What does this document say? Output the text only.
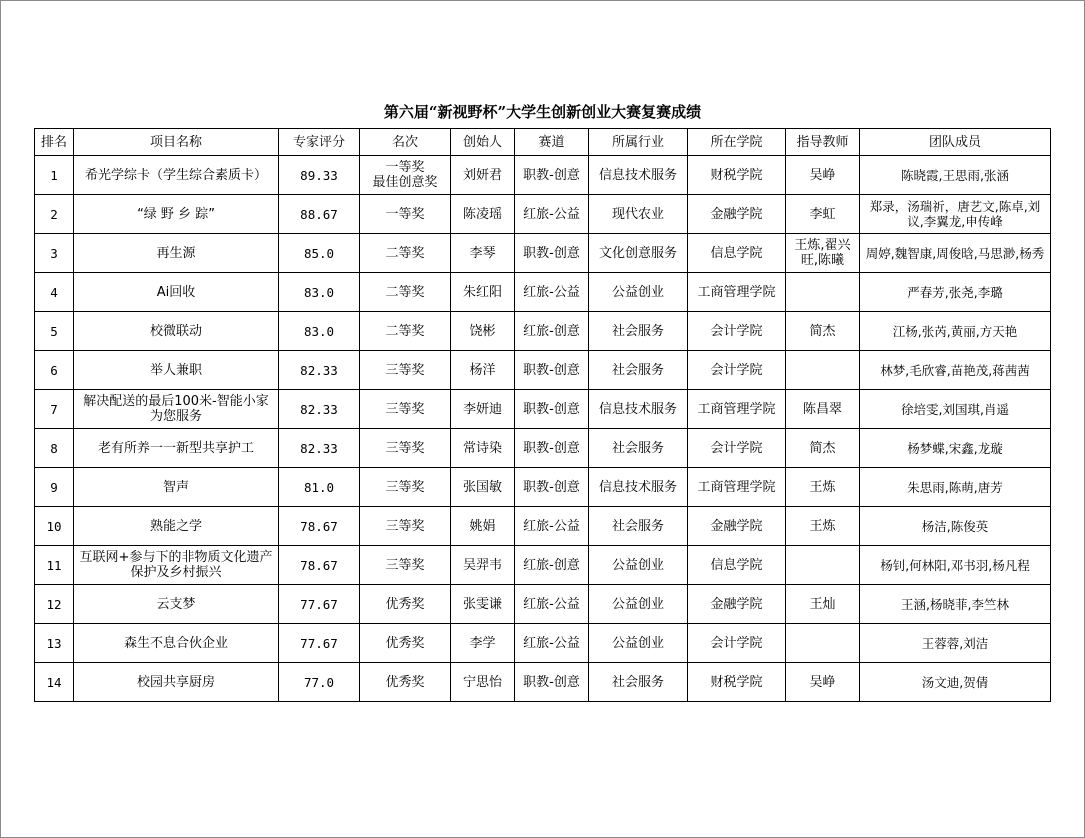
第六届“新视野杯”大学生创新创业大赛复赛成绩
排名	项目名称	专家评分	名次	创始人	赛道	所属行业	所在学院	指导教师	团队成员
1	希光学综卡（学生综合素质卡）	89.33	一等奖
最佳创意奖	刘妍君	职教-创意	信息技术服务	财税学院	吴峥	陈晓霞,王思雨,张涵
2	“绿 野 乡 踪”	88.67	一等奖	陈凌瑶	红旅-公益	现代农业	金融学院	李虹	郑录，汤瑞祈，唐艺文,陈卓,刘议,李翼龙,申传峰
3	再生源	85.0	二等奖	李琴	职教-创意	文化创意服务	信息学院	王炼,翟兴旺,陈曦	周婷,魏智康,周俊晗,马思渺,杨秀
4	Ai回收	83.0	二等奖	朱红阳	红旅-公益	公益创业	工商管理学院		严春芳,张尧,李璐
5	校微联动	83.0	二等奖	饶彬	红旅-创意	社会服务	会计学院	简杰	江杨,张芮,黄丽,方天艳
6	举人兼职	82.33	三等奖	杨洋	职教-创意	社会服务	会计学院		林梦,毛欣睿,苗艳茂,蒋茜茜
7	解决配送的最后100米-智能小家
为您服务	82.33	三等奖	李妍迪	职教-创意	信息技术服务	工商管理学院	陈昌翠	徐培雯,刘国琪,肖遥
8	老有所养一一新型共享护工	82.33	三等奖	常诗染	职教-创意	社会服务	会计学院	简杰	杨梦蝶,宋鑫,龙璇
9	智声	81.0	三等奖	张国敏	职教-创意	信息技术服务	工商管理学院	王炼	朱思雨,陈萌,唐芳
10	熟能之学	78.67	三等奖	姚娟	红旅-公益	社会服务	金融学院	王炼	杨洁,陈俊英
11	互联网+参与下的非物质文化遗产
保护及乡村振兴	78.67	三等奖	吴羿韦	红旅-创意	公益创业	信息学院		杨钊,何林阳,邓书羽,杨凡程
12	云支梦	77.67	优秀奖	张雯谦	红旅-公益	公益创业	金融学院	王灿	王涵,杨晓菲,李竺林
13	森生不息合伙企业	77.67	优秀奖	李学	红旅-公益	公益创业	会计学院		王蓉蓉,刘洁
14	校园共享厨房	77.0	优秀奖	宁思怡	职教-创意	社会服务	财税学院	吴峥	汤文迪,贺倩
